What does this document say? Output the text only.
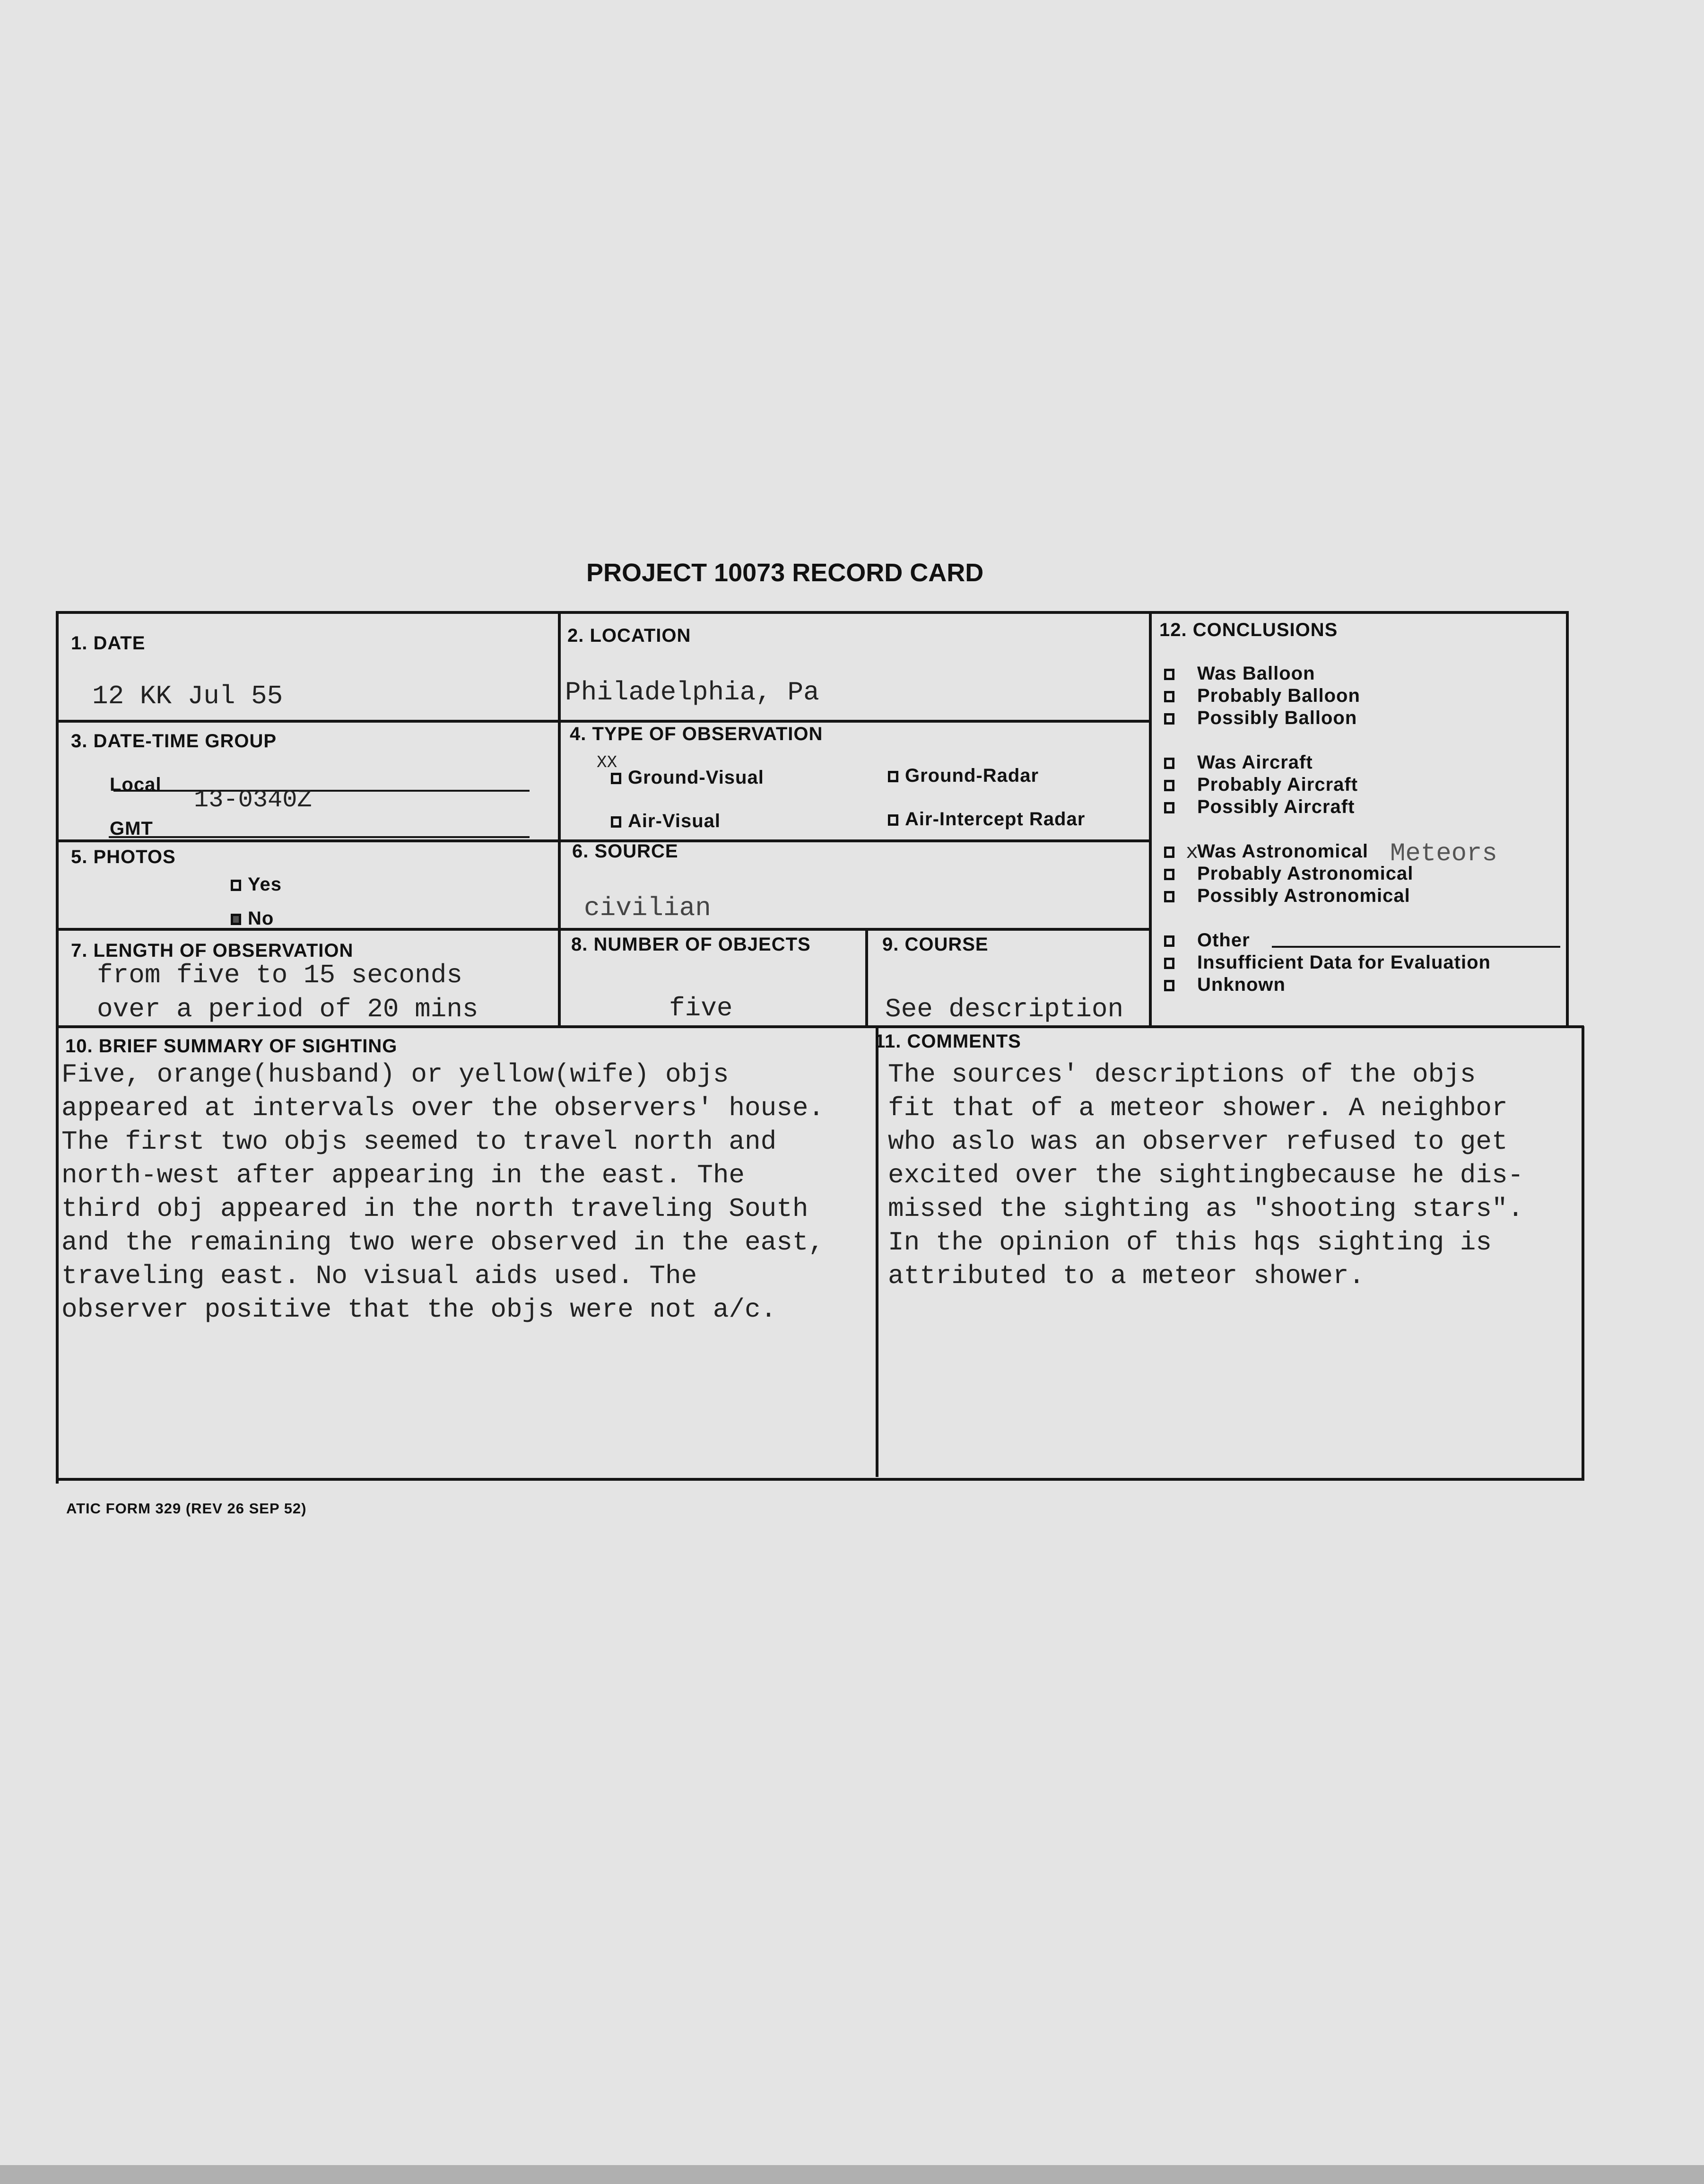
PROJECT 10073 RECORD CARD
1. DATE
12 KK Jul 55
2. LOCATION
Philadelphia, Pa
3. DATE-TIME GROUP
Local
13-0340Z
GMT
4. TYPE OF OBSERVATION
XX
Ground-Visual	Ground-Radar
Air-Visual	Air-Intercept Radar
5. PHOTOS
Yes
No
6. SOURCE
civilian
7. LENGTH OF OBSERVATION
from five to 15 seconds
over a period of 20 mins
8. NUMBER OF OBJECTS
five
9. COURSE
See description
10. BRIEF SUMMARY OF SIGHTING
Five, orange(husband) or yellow(wife) objs
appeared at intervals over the observers' house.
The first two objs seemed to travel north and
north-west after appearing in the east. The
third obj appeared in the north traveling South
and the remaining two were observed in the east,
traveling east. No visual aids used. The
observer positive that the objs were not a/c.
11. COMMENTS
The sources' descriptions of the objs
fit that of a meteor shower. A neighbor
who aslo was an observer refused to get
excited over the sightingbecause he dis-
missed the sighting as "shooting stars".
In the opinion of this hqs sighting is
attributed to a meteor shower.
12. CONCLUSIONS
Was Balloon
Probably Balloon
Possibly Balloon
Was Aircraft
Probably Aircraft
Possibly Aircraft
Was Astronomical
Probably Astronomical
Possibly Astronomical
Other
Insufficient Data for Evaluation
Unknown
x	Meteors
ATIC FORM 329 (REV 26 SEP 52)
